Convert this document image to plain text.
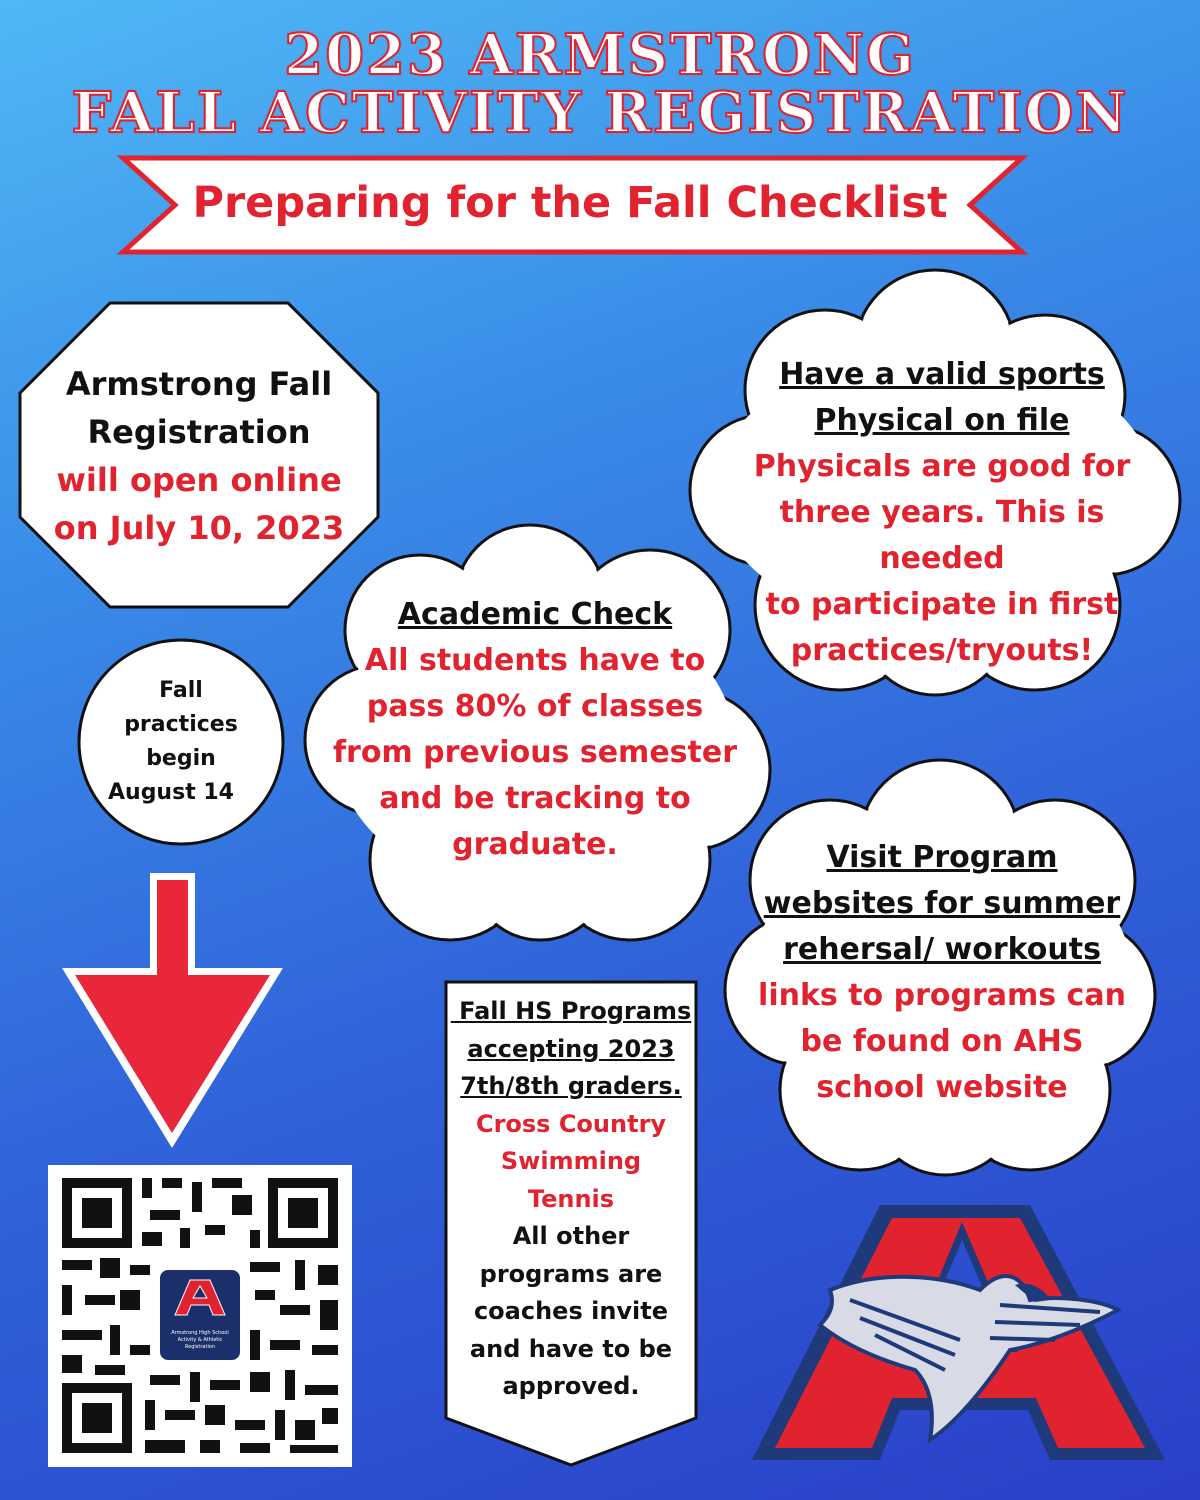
2023 ARMSTRONG
FALL ACTIVITY REGISTRATION
Preparing for the Fall Checklist
Armstrong Fall
Registration
will open online
on July 10, 2023
Fall
practices
begin
August 14
Have a valid sports
Physical on file
Physicals are good for
three years. This is needed
to participate in first
practices/tryouts!
Academic Check
All students have to
pass 80% of classes
from previous semester
and be tracking to
graduate.	Visit Program
websites for summer
rehersal/ workouts
links to programs can
be found on AHS
school website
Fall HS Programs
accepting 2023
7th/8th graders.
Cross Country
Swimming
Tennis
All other
programs are
coaches invite
and have to be
approved.
Armstrong High School
Activity & Athletic
Registration
